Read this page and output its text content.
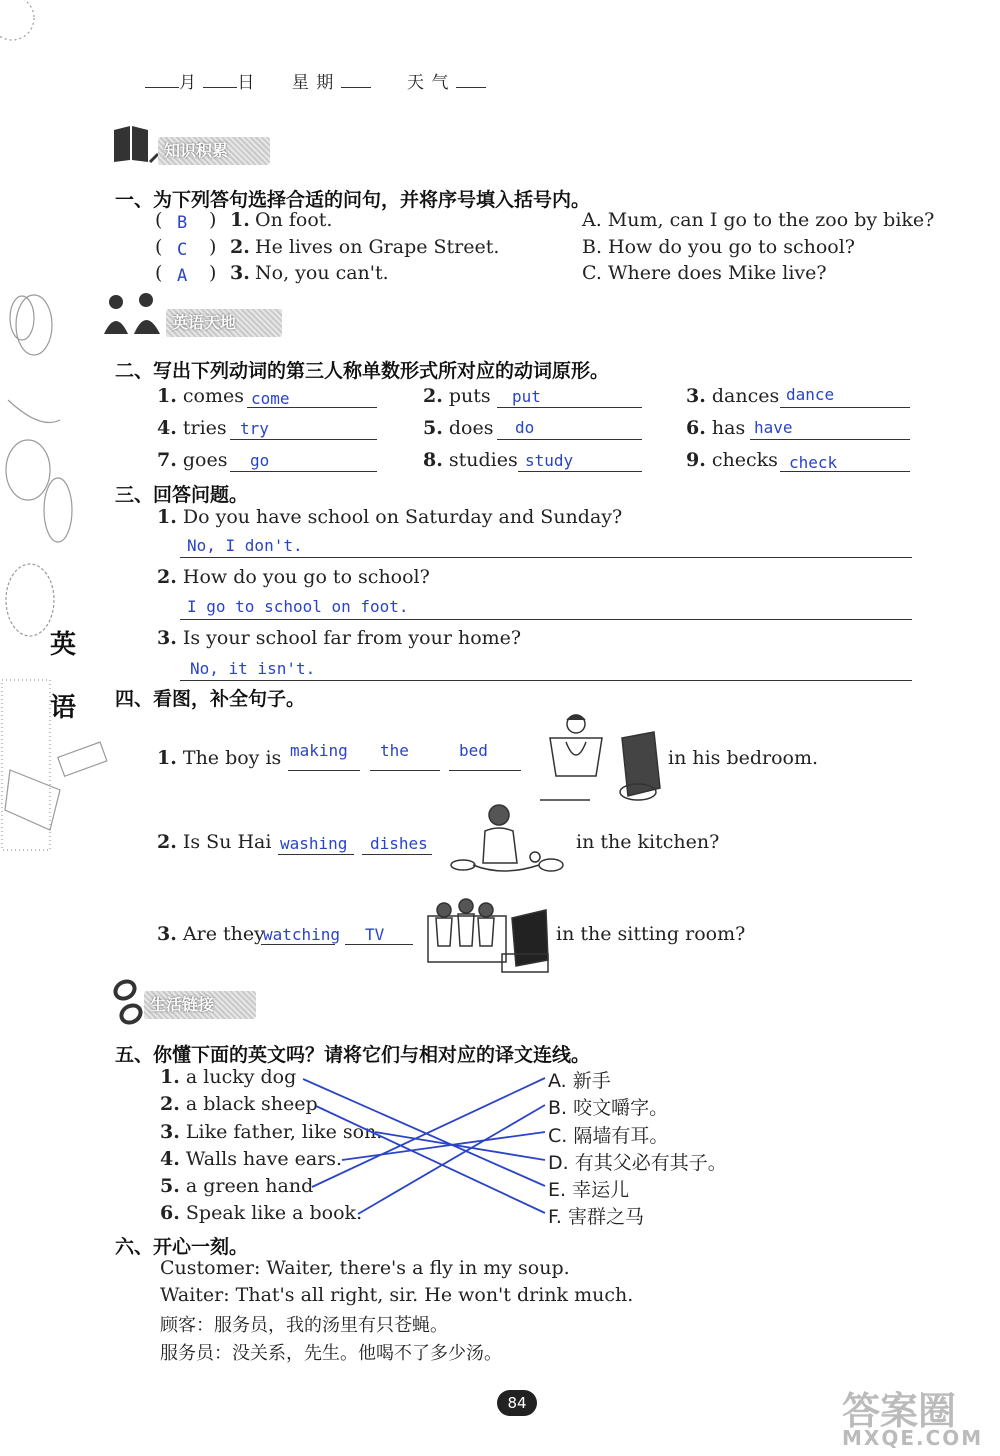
英
语
月 日 星 期	天 气
知识积累
一、为下列答句选择合适的问句，并将序号填入括号内。
( B ) 1. On foot.	A. Mum, can I go to the zoo by bike?
( C ) 2. He lives on Grape Street.	B. How do you go to school?
( A ) 3. No, you can't.	C. Where does Mike live?
英语天地
二、写出下列动词的第三人称单数形式所对应的动词原形。
1. comes come	2. puts put	3. dances dance
4. tries try	5. does do	6. has have
7. goes go	8. studies study	9. checks check
三、回答问题。
1. Do you have school on Saturday and Sunday?
No, I don't.
2. How do you go to school?
I go to school on foot.
3. Is your school far from your home?
No, it isn't.
四、看图，补全句子。
1. The boy is making the	bed	in his bedroom.
2. Is Su Hai washing dishes	in the kitchen?
3. Are they
watching TV	in the sitting room?
生活链接
五、你懂下面的英文吗？请将它们与相对应的译文连线。
1. a lucky dog
2. a black sheep
3. Like father, like son.
4. Walls have ears.
5. a green hand
6. Speak like a book.
A. 新手
B. 咬文嚼字。
C. 隔墙有耳。
D. 有其父必有其子。
E. 幸运儿
F. 害群之马
六、开心一刻。
Customer: Waiter, there's a fly in my soup.
Waiter: That's all right, sir. He won't drink much.
顾客：服务员，我的汤里有只苍蝇。
服务员：没关系，先生。他喝不了多少汤。
84	答案圈
MXQE.COM
